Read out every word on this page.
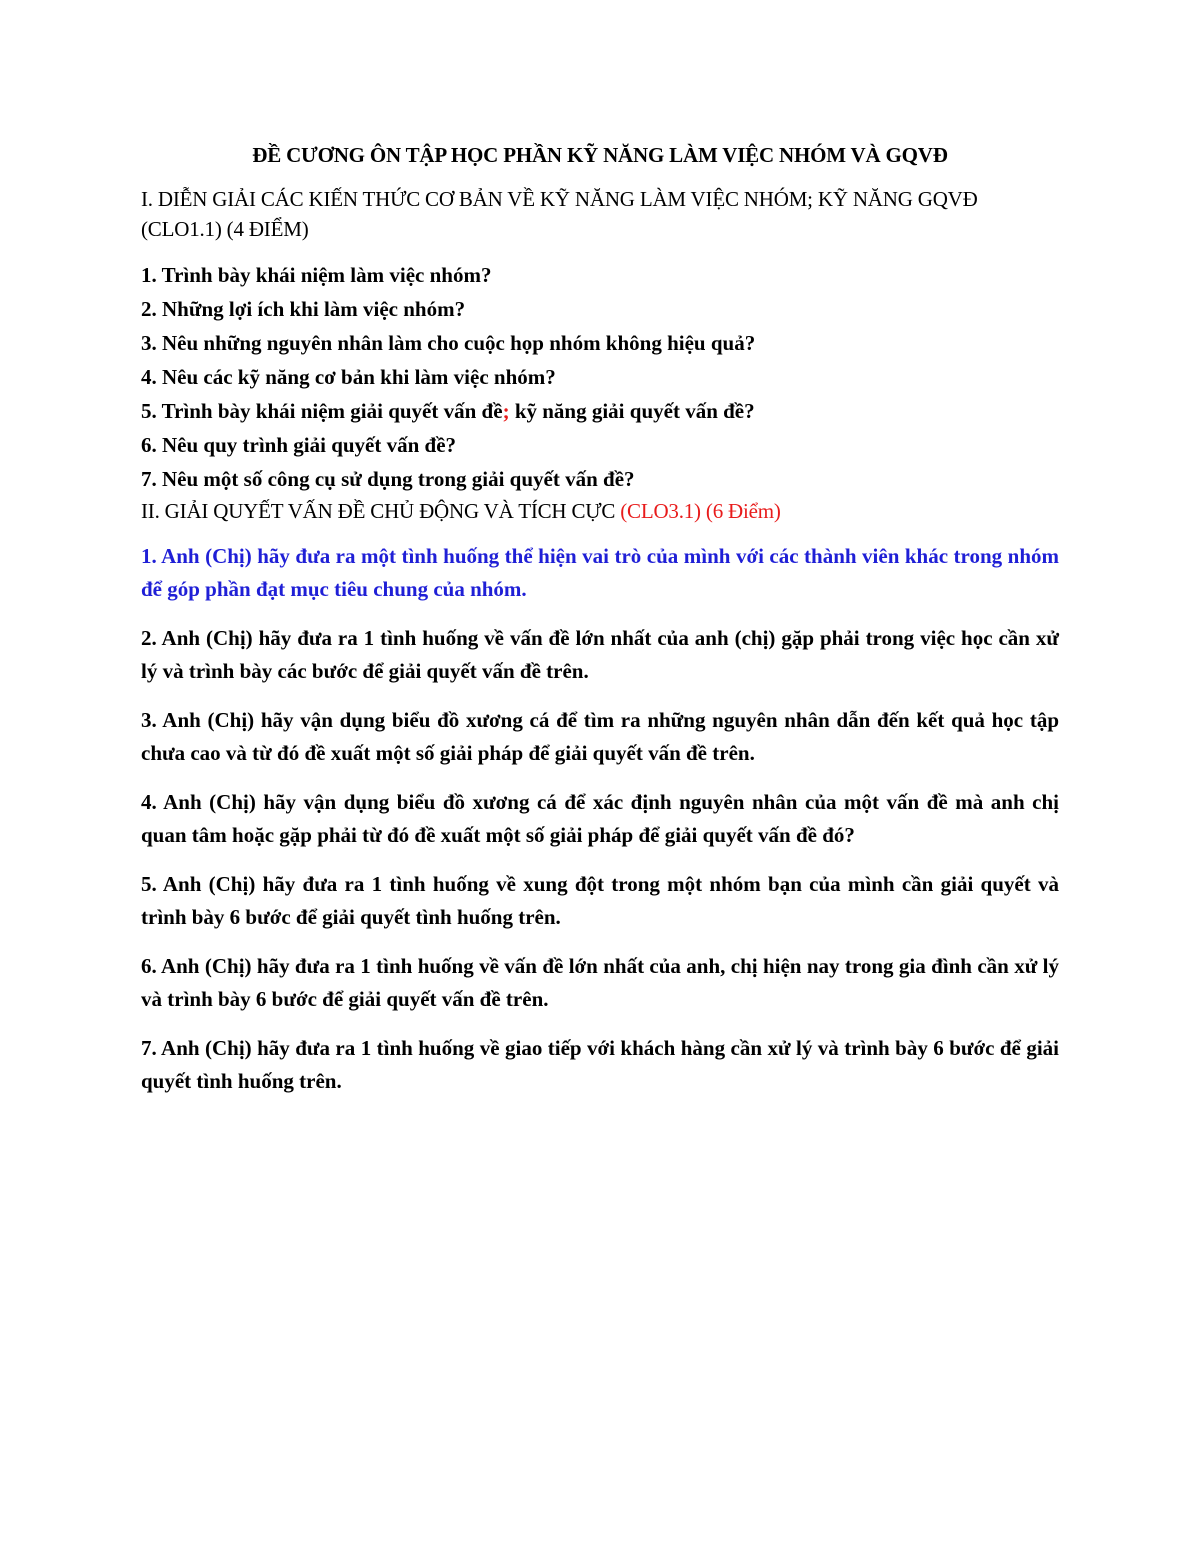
ĐỀ CƯƠNG ÔN TẬP HỌC PHẦN KỸ NĂNG LÀM VIỆC NHÓM VÀ GQVĐ

I. DIỄN GIẢI CÁC KIẾN THỨC CƠ BẢN VỀ KỸ NĂNG LÀM VIỆC NHÓM; KỸ NĂNG GQVĐ (CLO1.1) (4 ĐIỂM)

1. Trình bày khái niệm làm việc nhóm?
2. Những lợi ích khi làm việc nhóm?
3. Nêu những nguyên nhân làm cho cuộc họp nhóm không hiệu quả?
4. Nêu các kỹ năng cơ bản khi làm việc nhóm?
5. Trình bày khái niệm giải quyết vấn đề; kỹ năng giải quyết vấn đề?
6. Nêu quy trình giải quyết vấn đề?
7. Nêu một số công cụ sử dụng trong giải quyết vấn đề?

II. GIẢI QUYẾT VẤN ĐỀ CHỦ ĐỘNG VÀ TÍCH CỰC (CLO3.1) (6 Điểm)

1. Anh (Chị) hãy đưa ra một tình huống thể hiện vai trò của mình với các thành viên khác trong nhóm để góp phần đạt mục tiêu chung của nhóm.
2. Anh (Chị) hãy đưa ra 1 tình huống về vấn đề lớn nhất của anh (chị) gặp phải trong việc học cần xử lý và trình bày các bước để giải quyết vấn đề trên.
3. Anh (Chị) hãy vận dụng biểu đồ xương cá để tìm ra những nguyên nhân dẫn đến kết quả học tập chưa cao và từ đó đề xuất một số giải pháp để giải quyết vấn đề trên.
4. Anh (Chị) hãy vận dụng biểu đồ xương cá để xác định nguyên nhân của một vấn đề mà anh chị quan tâm hoặc gặp phải từ đó đề xuất một số giải pháp để giải quyết vấn đề đó?
5. Anh (Chị) hãy đưa ra 1 tình huống về xung đột trong một nhóm bạn của mình cần giải quyết và trình bày 6 bước để giải quyết tình huống trên.
6. Anh (Chị) hãy đưa ra 1 tình huống về vấn đề lớn nhất của anh, chị hiện nay trong gia đình cần xử lý và trình bày 6 bước để giải quyết vấn đề trên.
7. Anh (Chị) hãy đưa ra 1 tình huống về giao tiếp với khách hàng cần xử lý và trình bày 6 bước để giải quyết tình huống trên.
